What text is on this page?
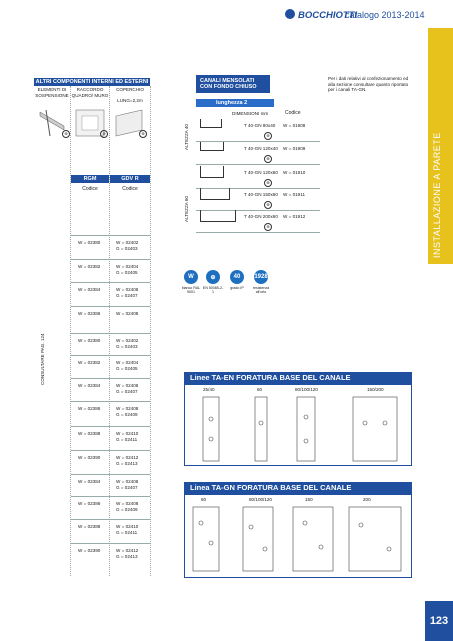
BOCCHIOTTI
catalogo 2013-2014
INSTALLAZIONE A PARETE
ALTRI COMPONENTI INTERNI ED ESTERNI
ELEMENTI DI SOSPENSIONE
RACCORDO QUADRO/ MURO
COPERCHIO
LUNG=2,2m
⊕	⊕	⊕
RGM	GDV R
Codice	Codice
CONSULTARE PAG. 124
W = 02380	W = 02402
G = 02403
W = 02382	W = 02404
G = 02405
W = 02384	W = 02406
G = 02407
W = 02386	W = 02408
W = 02380	W = 02402
G = 02403
W = 02382	W = 02404
G = 02405
W = 02384	W = 02406
G = 02407
W = 02386	W = 02408
G = 02409
W = 02388	W = 02410
G = 02411
W = 02390	W = 02412
G = 02413
W = 02384	W = 02406
G = 02407
W = 02386	W = 02408
G = 02409
W = 02388	W = 02410
G = 02411
W = 02390	W = 02412
G = 02413
CANALI MENSOLATI
CON FONDO CHIUSO
lunghezza 2
DIMENSIONI mm	Codice
Per i dati relativi al confezionamento ed alla sezione consultare quanto riportato per i canali TA-GN.
ALTEZZA 40
ALTEZZA 60
T 40-GN 80x40 W = 01908
⊕
T 40-GN 120x40 W = 01909
⊕
T 40-GN 120x60 W = 01910
⊕
T 40-GN 150x60 W = 01911
⊕
T 40-GN 200x60 W = 01912
⊕
W
bianco RAL 9001
⊕
EN 50085-2-1
40
grado IP
1928
resistenza all'urto
Linee TA-EN FORATURA BASE DEL CANALE
25/40	60	80/100/120	150/200
Linea TA-GN FORATURA BASE DEL CANALE
60	80/100/120	150	200
123
